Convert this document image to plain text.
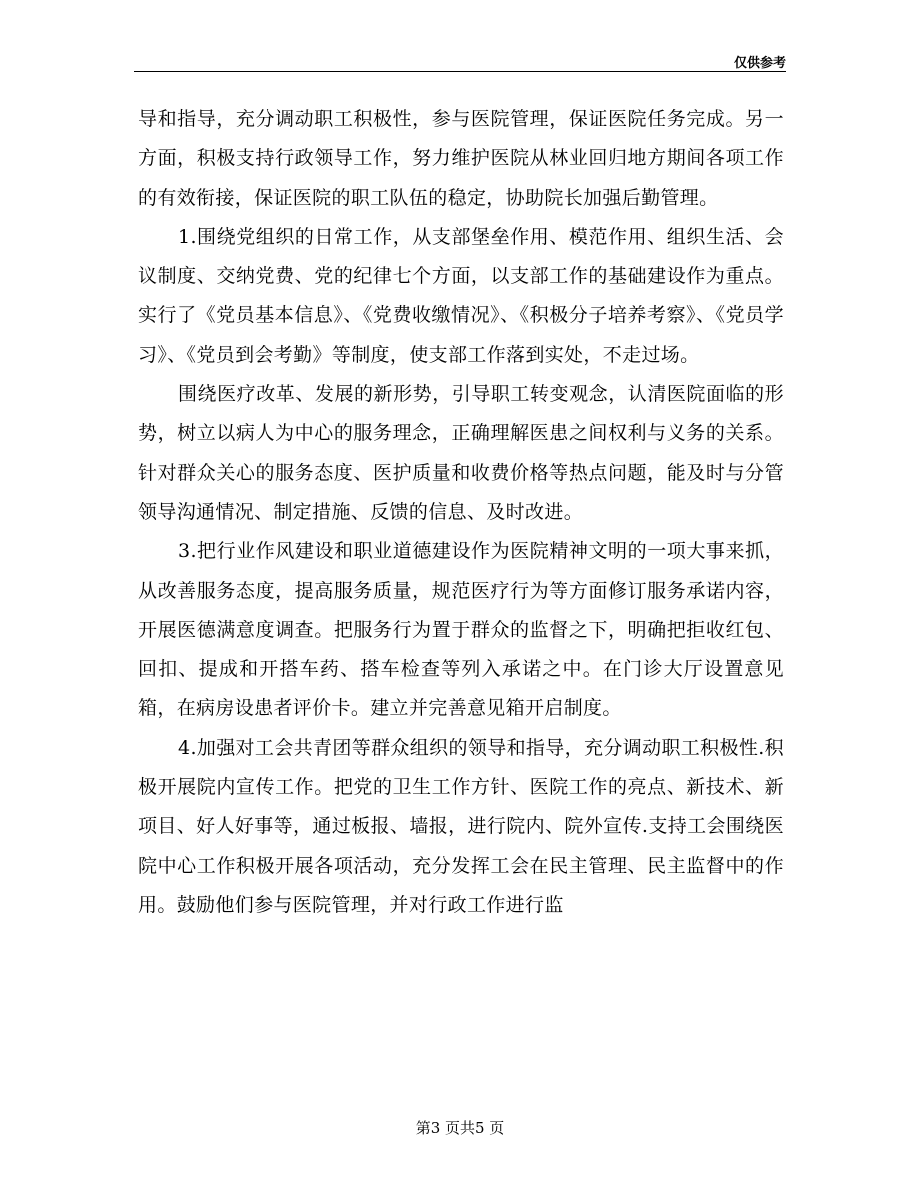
仅供参考

导和指导，充分调动职工积极性，参与医院管理，保证医院任务完成。另一方面，积极支持行政领导工作，努力维护医院从林业回归地方期间各项工作的有效衔接，保证医院的职工队伍的稳定，协助院长加强后勤管理。

1.围绕党组织的日常工作，从支部堡垒作用、模范作用、组织生活、会议制度、交纳党费、党的纪律七个方面，以支部工作的基础建设作为重点。实行了《党员基本信息》、《党费收缴情况》、《积极分子培养考察》、《党员学习》、《党员到会考勤》等制度，使支部工作落到实处，不走过场。

围绕医疗改革、发展的新形势，引导职工转变观念，认清医院面临的形势，树立以病人为中心的服务理念，正确理解医患之间权利与义务的关系。针对群众关心的服务态度、医护质量和收费价格等热点问题，能及时与分管领导沟通情况、制定措施、反馈的信息、及时改进。

3.把行业作风建设和职业道德建设作为医院精神文明的一项大事来抓，从改善服务态度，提高服务质量，规范医疗行为等方面修订服务承诺内容，开展医德满意度调查。把服务行为置于群众的监督之下，明确把拒收红包、回扣、提成和开搭车药、搭车检查等列入承诺之中。在门诊大厅设置意见箱，在病房设患者评价卡。建立并完善意见箱开启制度。

4.加强对工会共青团等群众组织的领导和指导，充分调动职工积极性.积极开展院内宣传工作。把党的卫生工作方针、医院工作的亮点、新技术、新项目、好人好事等，通过板报、墙报，进行院内、院外宣传.支持工会围绕医院中心工作积极开展各项活动，充分发挥工会在民主管理、民主监督中的作用。鼓励他们参与医院管理，并对行政工作进行监

第3 页共5 页
